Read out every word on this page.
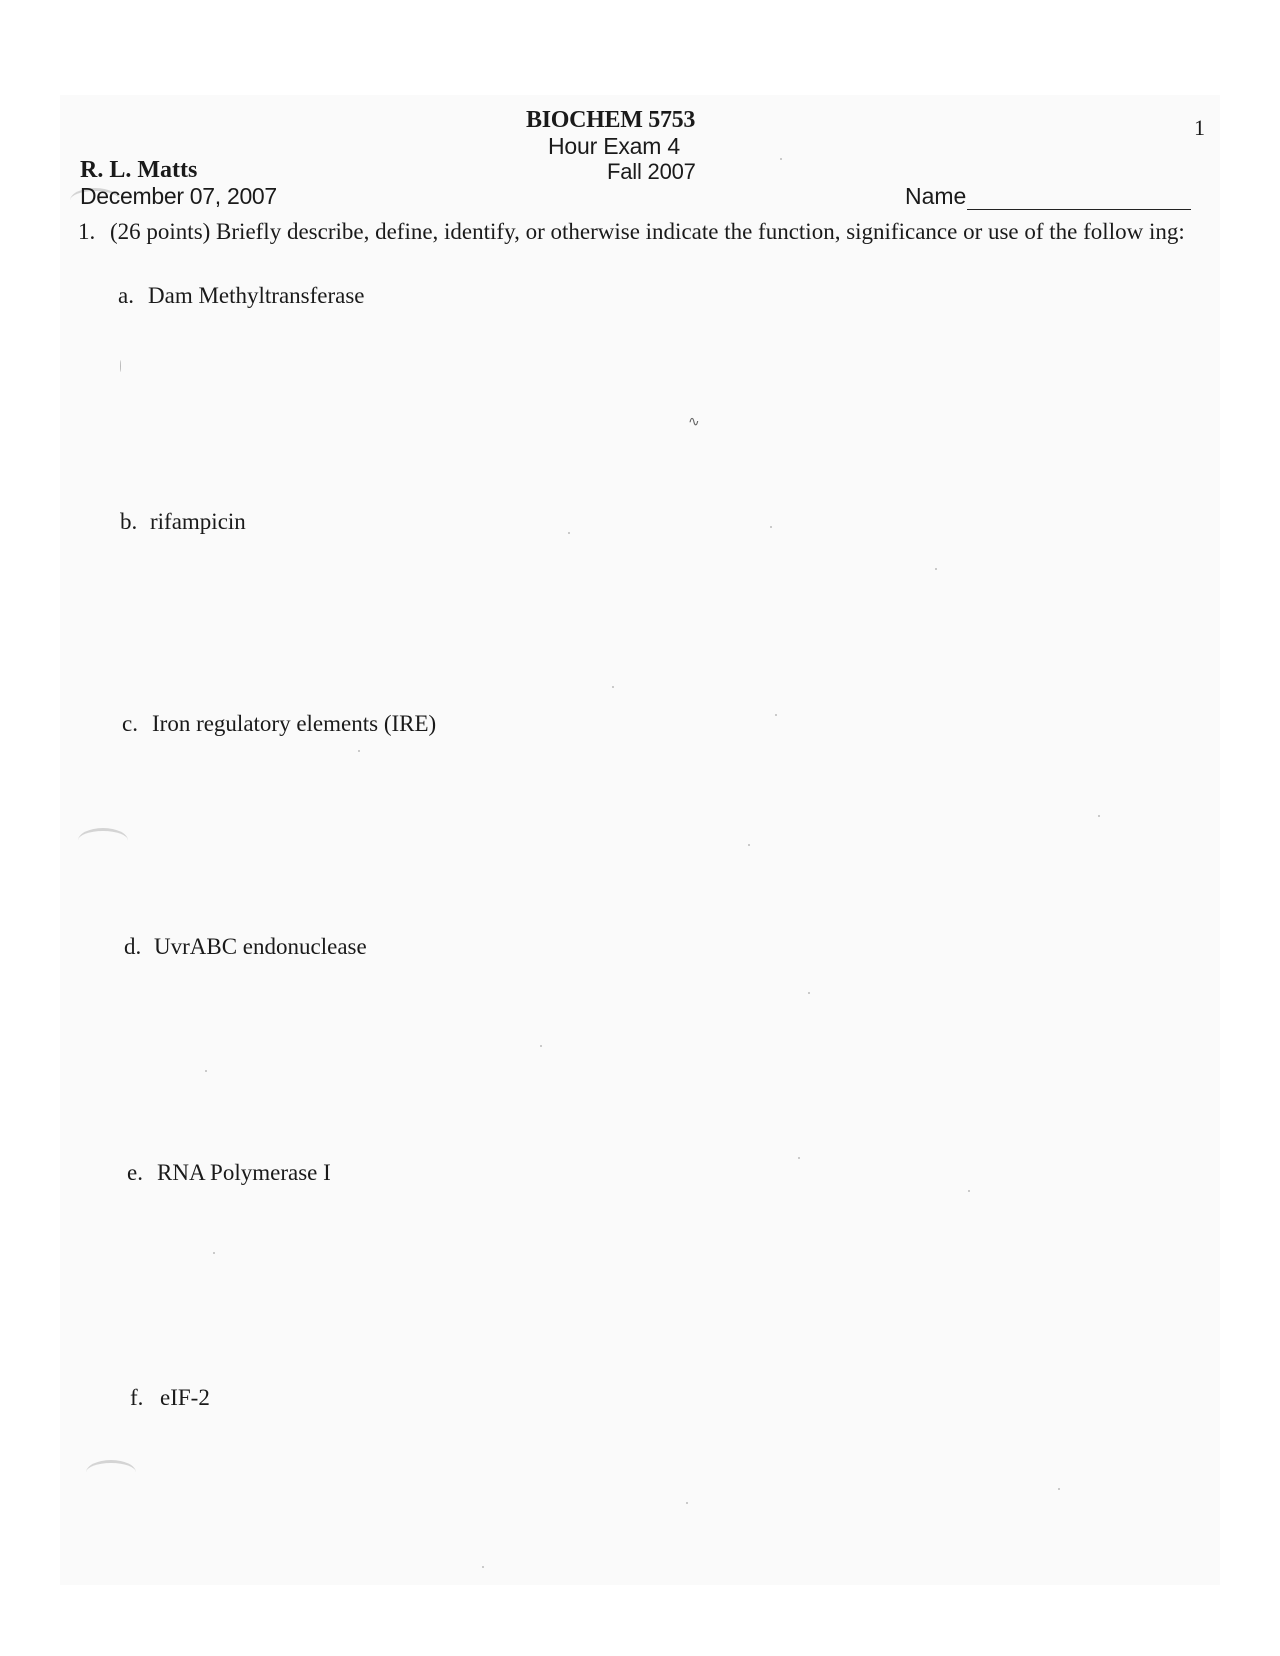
BIOCHEM 5753
Hour Exam 4
Fall 2007
1
R. L. Matts
December 07, 2007	Name
1. (26 points) Briefly describe, define, identify, or otherwise indicate the function, significance or use of the follow ing:
a. Dam Methyltransferase
b. rifampicin
c. Iron regulatory elements (IRE)
d. UvrABC endonuclease
e. RNA Polymerase I
f. eIF-2
∿
